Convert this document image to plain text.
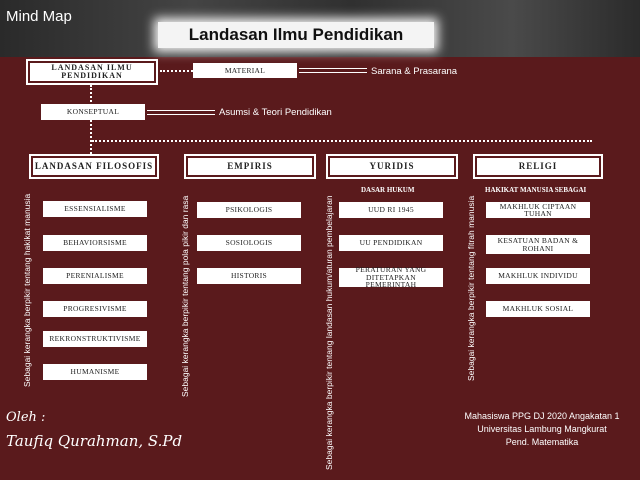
Mind Map
Landasan Ilmu Pendidikan
LANDASAN ILMU PENDIDIKAN
MATERIAL	Sarana & Prasarana
KONSEPTUAL	Asumsi & Teori Pendidikan
LANDASAN FILOSOFIS
Sebagai kerangka berpikir tentang hakikat manusia	ESSENSIALISME
BEHAVIORSISME
PERENIALISME
PROGRESIVISME
REKRONSTRUKTIVISME
HUMANISME
EMPIRIS
Sebagai kerangka berpikir tentang pola pikir dan rasa	PSIKOLOGIS
SOSIOLOGIS
HISTORIS
YURIDIS
DASAR HUKUM
Sebagai kerangka berpikir tentang landasan hukum/aturan pembelajaran	UUD RI 1945
UU PENDIDIKAN
PERATURAN YANG DITETAPKAN PEMERINTAH
RELIGI
HAKIKAT MANUSIA SEBAGAI
Sebagai kerangka berpikir tentang fitrah manusia	MAKHLUK CIPTAAN TUHAN
KESATUAN BADAN & ROHANI
MAKHLUK INDIVIDU
MAKHLUK SOSIAL
Oleh :
Taufiq Qurahman, S.Pd
Mahasiswa PPG DJ 2020 Angakatan 1
Universitas Lambung Mangkurat
Pend. Matematika
